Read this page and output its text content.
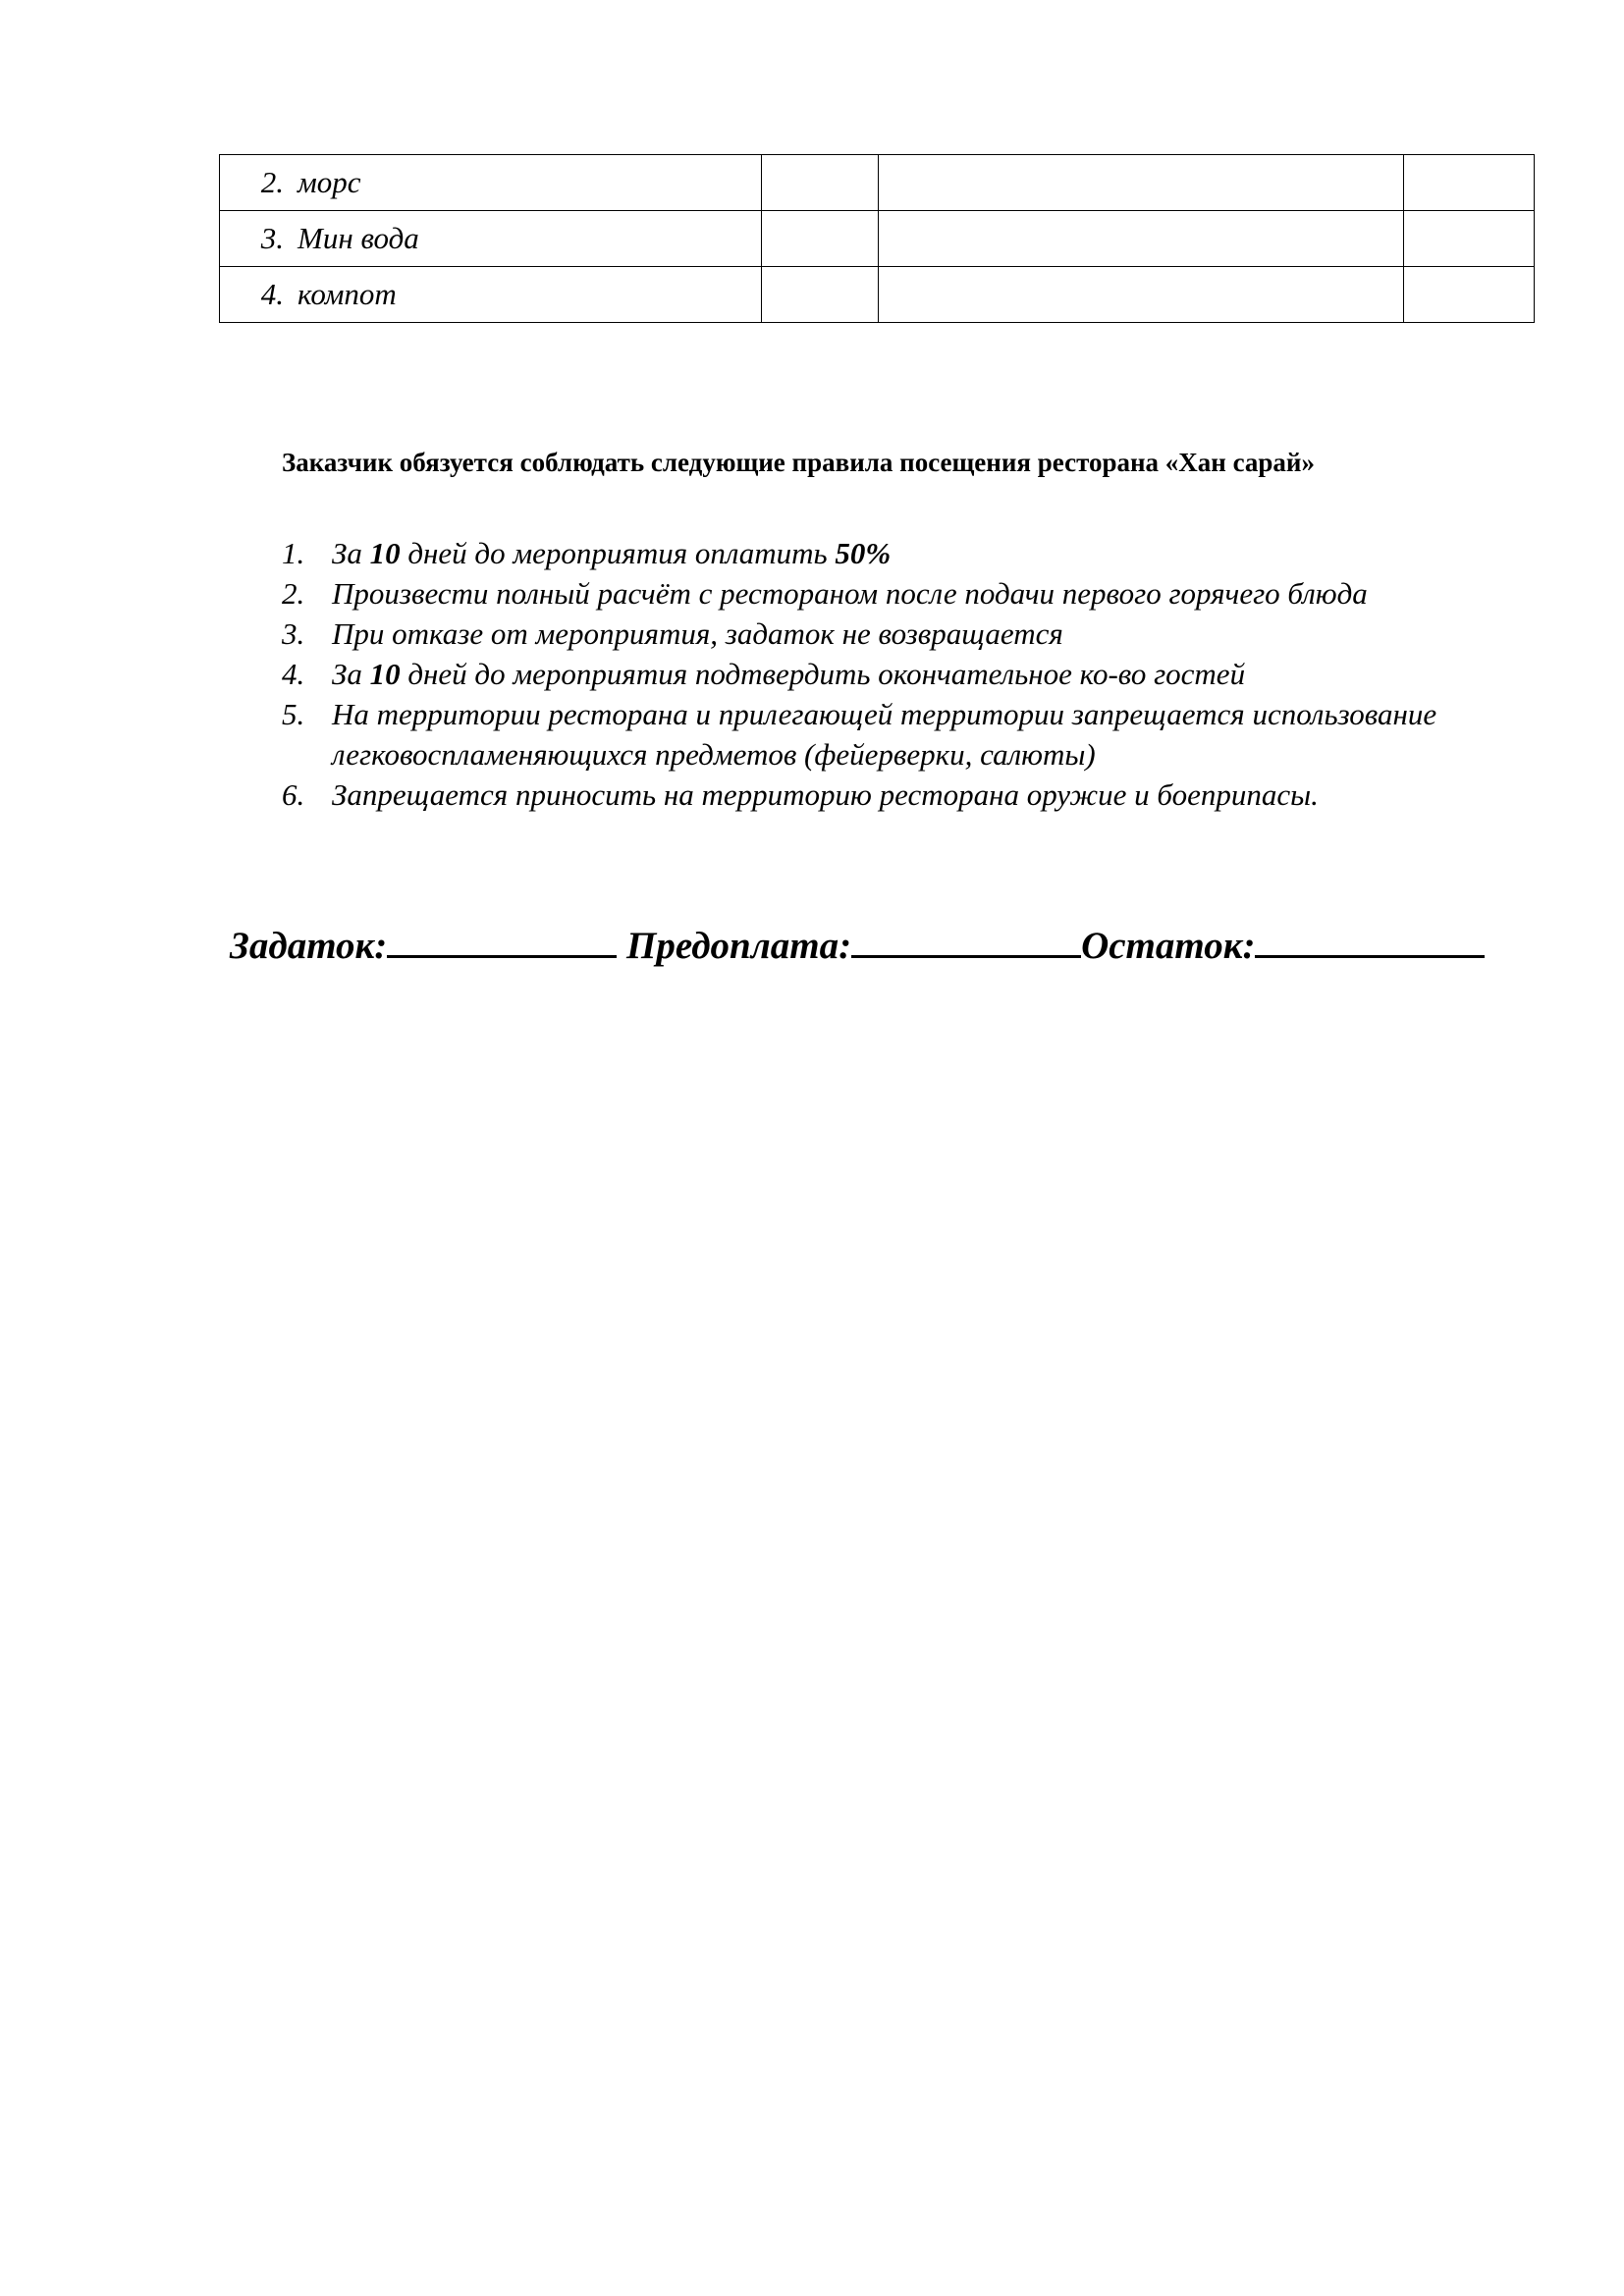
2. морс			
3. Мин вода			
4.компот			

Заказчик обязуется соблюдать следующие правила посещения ресторана «Хан сарай»

1. За 10 дней до мероприятия оплатить 50%
2. Произвести полный расчёт с рестораном после подачи первого горячего блюда
3. При отказе от мероприятия, задаток не возвращается
4. За 10 дней до мероприятия подтвердить окончательное ко-во гостей
5. На территории ресторана и прилегающей территории запрещается использование легковоспламеняющихся предметов (фейерверки, салюты)
6. Запрещается приносить на территорию ресторана оружие и боеприпасы.
Задаток:	Предоплата:	Остаток:
